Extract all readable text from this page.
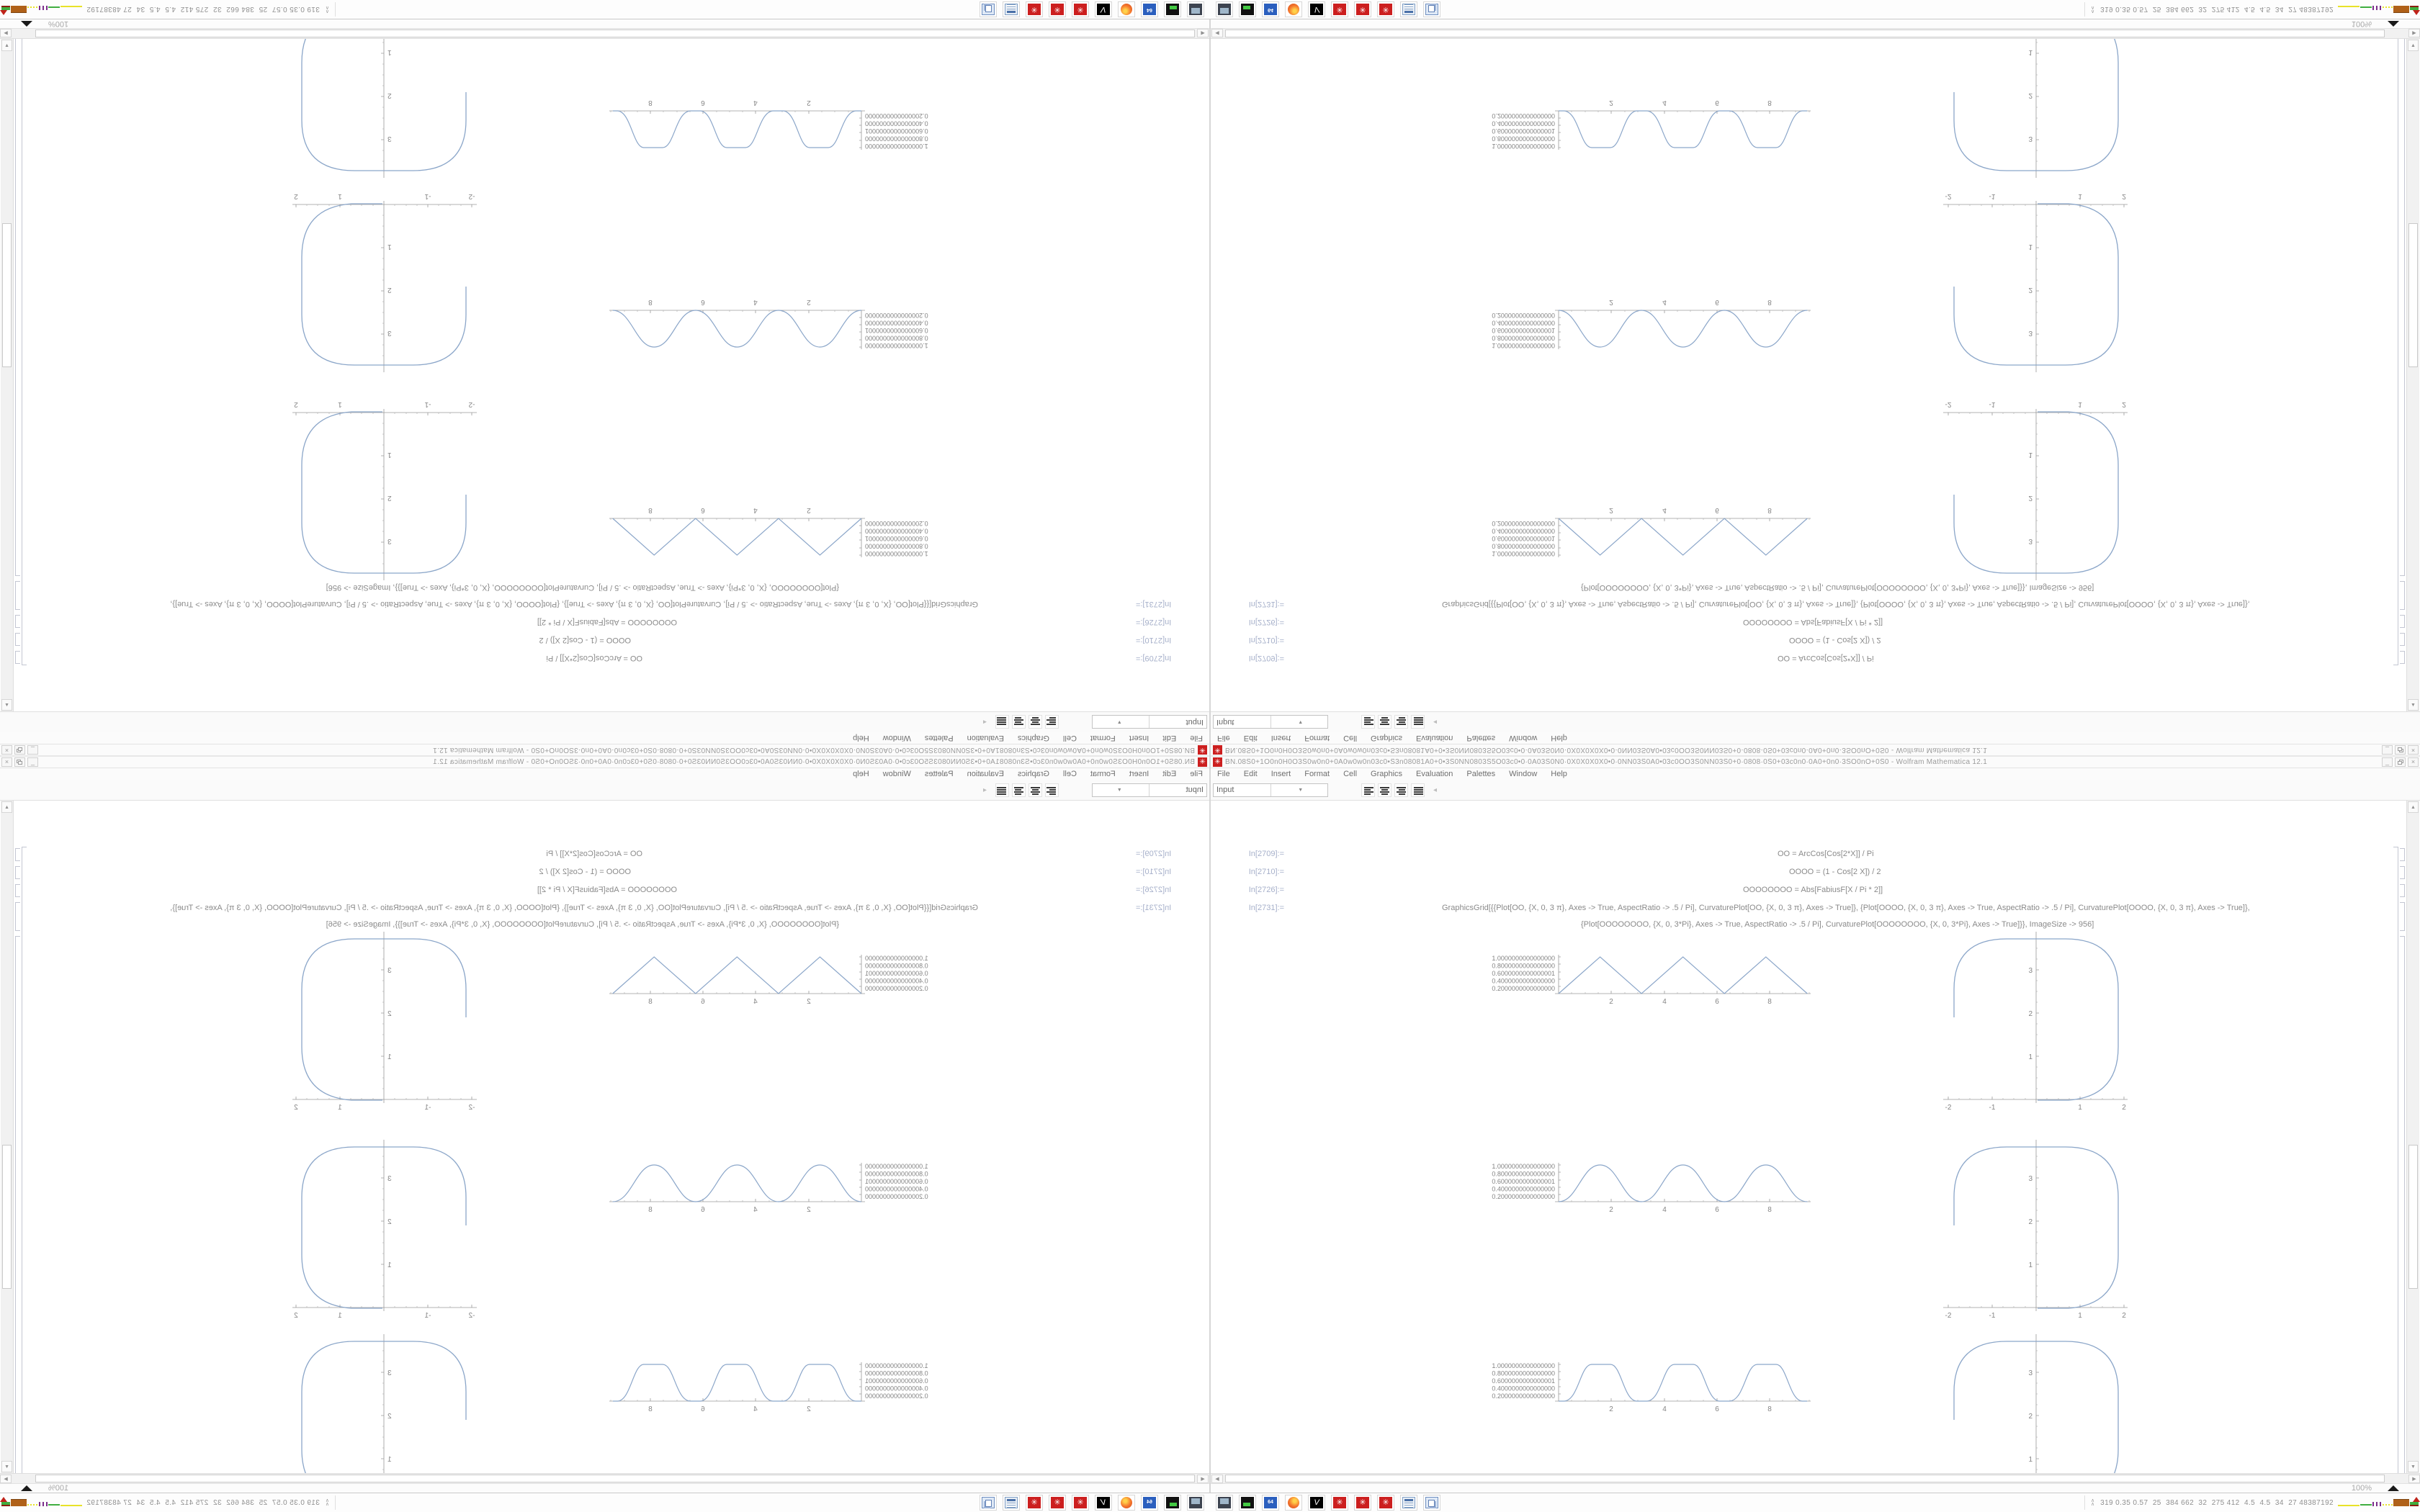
✳
BN.08Ŝ0+1O0n0H0O3Ŝ0w0n0+0A0w0w0n03c0•Ŝ3n08081A0+0•3Ŝ0NN0803Ŝ5O03c0•0·0A03Ŝ0N0·0X0X0X0X0•0·0NN03Ŝ0A0•03c0OO3Ŝ0NN03Ŝ0+0·0808·0Ŝ0+03c0n0·0A0+0n0·3ŜO0nO+0Ŝ0 - Wolfram Mathematica 12.1
_
×
File
Edit
Insert
Format
Cell
Graphics
Evaluation
Palettes
Window
Help
Input
▼
◂
In[2709]:=
OO = ArcCos[Cos[2*X]] / Pi
In[2710]:=
OOOO = (1 - Cos[2 X]) / 2
In[2726]:=
OOOOOOOO = Abs[FabiusF[X / Pi * 2]]
In[2731]:=
GraphicsGrid[{{Plot[OO, {X, 0, 3 π}, Axes -> True, AspectRatio -> .5 / Pi], CurvaturePlot[OO, {X, 0, 3 π}, Axes -> True]}, {Plot[OOOO, {X, 0, 3 π}, Axes -> True, AspectRatio -> .5 / Pi], CurvaturePlot[OOOO, {X, 0, 3 π}, Axes -> True]},
{Plot[OOOOOOOO, {X, 0, 3*Pi}, Axes -> True, AspectRatio -> .5 / Pi], CurvaturePlot[OOOOOOOO, {X, 0, 3*Pi}, Axes -> True]}}, ImageSize -> 956]
1.0000000000000000
0.8000000000000000
0.6000000000000001
0.4000000000000000
0.2000000000000000
2
4
6
8
-2
-1
1
2
1
2
3
1.0000000000000000
0.8000000000000000
0.6000000000000001
0.4000000000000000
0.2000000000000000
2
4
6
8
-2
-1
1
2
1
2
3
1.0000000000000000
0.8000000000000000
0.6000000000000001
0.4000000000000000
0.2000000000000000
2
4
6
8
1
2
3
▲
▼
◀
▶
100%
64
V
✳
✳
✳
∧
∧
319 0.35 0.57  25  384 662  32  275 412  4.5  4.5  34  27 48387192
✳ BN.08Ŝ0+1O0n0H0O3Ŝ0w0n0+0A0w0w0n03c0•Ŝ3n08081A0+0•3Ŝ0NN0803Ŝ5O03c0•0·0A03Ŝ0N0·0X0X0X0X0•0·0NN03Ŝ0A0•03c0OO3Ŝ0NN03Ŝ0+0·0808·0Ŝ0+03c0n0·0A0+0n0·3ŜO0nO+0Ŝ0 - Wolfram Mathematica 12.1	_	×
File Edit Insert Format Cell Graphics Evaluation Palettes Window Help
Input	▼	◂
In[2709]:=	OO = ArcCos[Cos[2*X]] / Pi
In[2710]:=	OOOO = (1 - Cos[2 X]) / 2
In[2726]:=	OOOOOOOO = Abs[FabiusF[X / Pi * 2]]
In[2731]:=	GraphicsGrid[{{Plot[OO, {X, 0, 3 π}, Axes -> True, AspectRatio -> .5 / Pi], CurvaturePlot[OO, {X, 0, 3 π}, Axes -> True]}, {Plot[OOOO, {X, 0, 3 π}, Axes -> True, AspectRatio -> .5 / Pi], CurvaturePlot[OOOO, {X, 0, 3 π}, Axes -> True]},
{Plot[OOOOOOOO, {X, 0, 3*Pi}, Axes -> True, AspectRatio -> .5 / Pi], CurvaturePlot[OOOOOOOO, {X, 0, 3*Pi}, Axes -> True]}}, ImageSize -> 956]
1.0000000000000000
0.8000000000000000
0.6000000000000001
0.4000000000000000
0.2000000000000000
2	4	6	8
-2	-1	1	2
1
2
3
1.0000000000000000
0.8000000000000000
0.6000000000000001
0.4000000000000000
0.2000000000000000
2	4	6	8
-2	-1	1	2
1
2
3
1.0000000000000000
0.8000000000000000
0.6000000000000001
0.4000000000000000
0.2000000000000000
2	4	6	8
1
2
3
▲
▼
◀	▶
100%
64	V	✳	✳	✳	∧
∧ 319 0.35 0.57  25  384 662  32  275 412  4.5  4.5  34  27 48387192
✳
BN.08Ŝ0+1O0n0H0O3Ŝ0w0n0+0A0w0w0n03c0•Ŝ3n08081A0+0•3Ŝ0NN0803Ŝ5O03c0•0·0A03Ŝ0N0·0X0X0X0X0•0·0NN03Ŝ0A0•03c0OO3Ŝ0NN03Ŝ0+0·0808·0Ŝ0+03c0n0·0A0+0n0·3ŜO0nO+0Ŝ0 - Wolfram Mathematica 12.1
_
×
File
Edit
Insert
Format
Cell
Graphics
Evaluation
Palettes
Window
Help
Input
▼
◂
In[2709]:=
OO = ArcCos[Cos[2*X]] / Pi
In[2710]:=
OOOO = (1 - Cos[2 X]) / 2
In[2726]:=
OOOOOOOO = Abs[FabiusF[X / Pi * 2]]
In[2731]:=
GraphicsGrid[{{Plot[OO, {X, 0, 3 π}, Axes -> True, AspectRatio -> .5 / Pi], CurvaturePlot[OO, {X, 0, 3 π}, Axes -> True]}, {Plot[OOOO, {X, 0, 3 π}, Axes -> True, AspectRatio -> .5 / Pi], CurvaturePlot[OOOO, {X, 0, 3 π}, Axes -> True]},
{Plot[OOOOOOOO, {X, 0, 3*Pi}, Axes -> True, AspectRatio -> .5 / Pi], CurvaturePlot[OOOOOOOO, {X, 0, 3*Pi}, Axes -> True]}}, ImageSize -> 956]
1.0000000000000000
0.8000000000000000
0.6000000000000001
0.4000000000000000
0.2000000000000000
2
4
6
8
-2
-1
1
2
1
2
3
1.0000000000000000
0.8000000000000000
0.6000000000000001
0.4000000000000000
0.2000000000000000
2
4
6
8
-2
-1
1
2
1
2
3
1.0000000000000000
0.8000000000000000
0.6000000000000001
0.4000000000000000
0.2000000000000000
2
4
6
8
1
2
3
▲
▼
◀
▶
100%
64
V
✳
✳
✳
∧
∧
319 0.35 0.57  25  384 662  32  275 412  4.5  4.5  34  27 48387192
✳ BN.08Ŝ0+1O0n0H0O3Ŝ0w0n0+0A0w0w0n03c0•Ŝ3n08081A0+0•3Ŝ0NN0803Ŝ5O03c0•0·0A03Ŝ0N0·0X0X0X0X0•0·0NN03Ŝ0A0•03c0OO3Ŝ0NN03Ŝ0+0·0808·0Ŝ0+03c0n0·0A0+0n0·3ŜO0nO+0Ŝ0 - Wolfram Mathematica 12.1	_	×
File Edit Insert Format Cell Graphics Evaluation Palettes Window Help
Input	▼	◂
In[2709]:=	OO = ArcCos[Cos[2*X]] / Pi
In[2710]:=	OOOO = (1 - Cos[2 X]) / 2
In[2726]:=	OOOOOOOO = Abs[FabiusF[X / Pi * 2]]
In[2731]:=	GraphicsGrid[{{Plot[OO, {X, 0, 3 π}, Axes -> True, AspectRatio -> .5 / Pi], CurvaturePlot[OO, {X, 0, 3 π}, Axes -> True]}, {Plot[OOOO, {X, 0, 3 π}, Axes -> True, AspectRatio -> .5 / Pi], CurvaturePlot[OOOO, {X, 0, 3 π}, Axes -> True]},
{Plot[OOOOOOOO, {X, 0, 3*Pi}, Axes -> True, AspectRatio -> .5 / Pi], CurvaturePlot[OOOOOOOO, {X, 0, 3*Pi}, Axes -> True]}}, ImageSize -> 956]
1.0000000000000000
0.8000000000000000
0.6000000000000001
0.4000000000000000
0.2000000000000000
2	4	6	8
-2	-1	1	2
1
2
3
1.0000000000000000
0.8000000000000000
0.6000000000000001
0.4000000000000000
0.2000000000000000
2	4	6	8
-2	-1	1	2
1
2
3
1.0000000000000000
0.8000000000000000
0.6000000000000001
0.4000000000000000
0.2000000000000000
2	4	6	8
1
2
3
▲
▼
◀	▶
100%
64	V	✳	✳	✳	∧
∧ 319 0.35 0.57  25  384 662  32  275 412  4.5  4.5  34  27 48387192
